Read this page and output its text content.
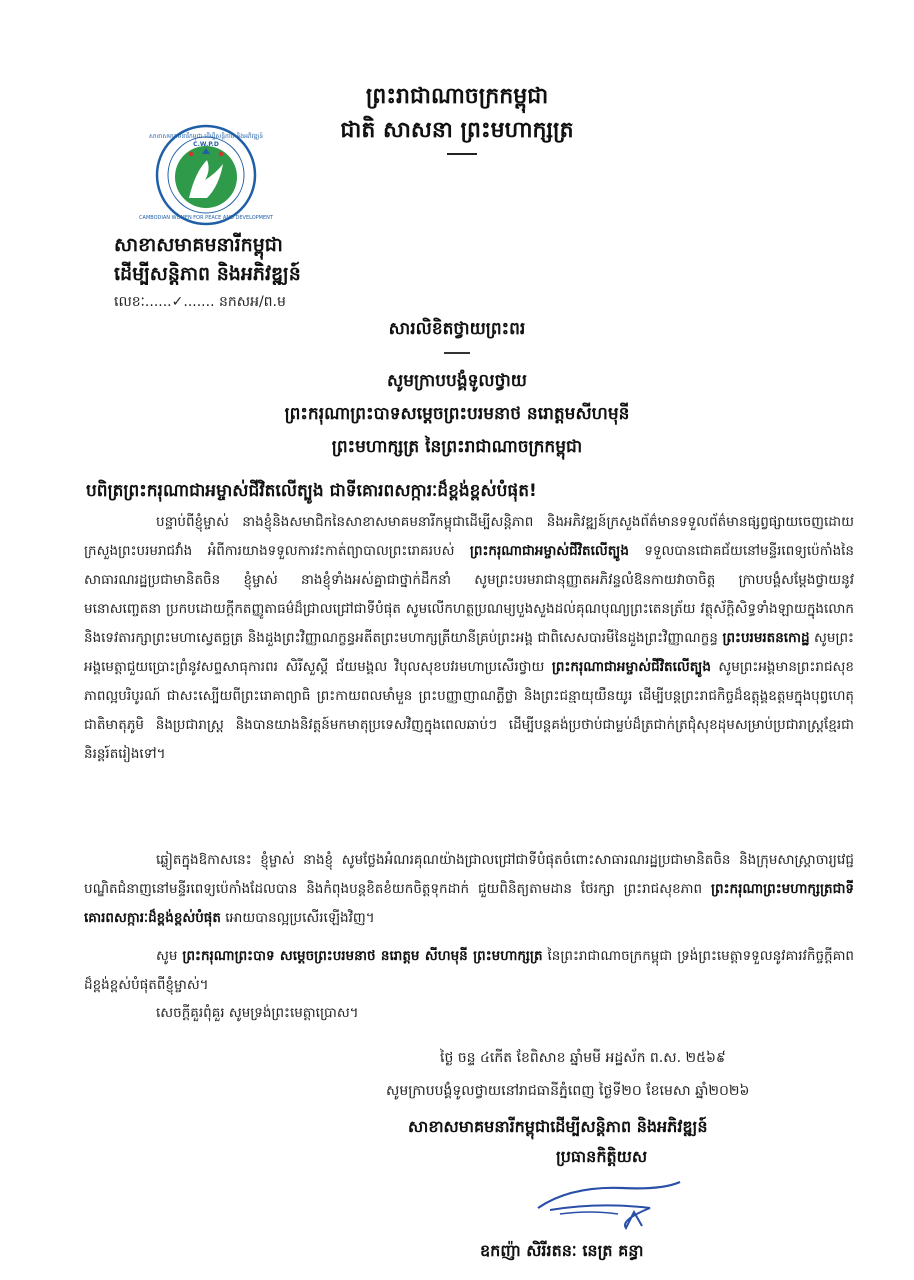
ព្រះរាជាណាចក្រកម្ពុជា
ជាតិ សាសនា ព្រះមហាក្សត្រ
សាខាសមាគមនារីកម្ពុជា ដើម្បីសន្តិភាព និងអភិវឌ្ឍន៍
CAMBODIAN WOMEN FOR PEACE AND DEVELOPMENT
C.W.P.D
សាខាសមាគមនារីកម្ពុជា
ដើម្បីសន្តិភាព និងអភិវឌ្ឍន៍
លេខៈ......✓....... នកសអ/ព.ម
សារលិខិតថ្វាយព្រះពរ
សូមក្រាបបង្គំទូលថ្វាយ
ព្រះករុណាព្រះបាទសម្តេចព្រះបរមនាថ នរោត្តមសីហមុនី
ព្រះមហាក្សត្រ នៃព្រះរាជាណាចក្រកម្ពុជា
បពិត្រព្រះករុណាជាអម្ចាស់ជីវិតលើត្បូង ជាទីគោរពសក្ការៈដ៏ខ្ពង់ខ្ពស់បំផុត!
បន្ទាប់ពីខ្ញុំម្ចាស់ នាងខ្ញុំនិងសមាជិកនៃសាខាសមាគមនារីកម្ពុជាដើម្បីសន្តិភាព និងអភិវឌ្ឍន៍ក្រសួងព័ត៌មានទទួលព័ត៌មានផ្សព្វផ្សាយចេញដោយក្រសួងព្រះបរមរាជវាំង អំពីការយាងទទួលការវះកាត់ព្យាបាលព្រះរោគរបស់ ព្រះករុណាជាអម្ចាស់ជីវិតលើត្បូង ទទួលបានជោគជ័យនៅមន្ទីរពេទ្យប៉េកាំងនៃសាធារណរដ្ឋប្រជាមានិតចិន ខ្ញុំម្ចាស់ នាងខ្ញុំទាំងអស់គ្នាជាថ្នាក់ដឹកនាំ សូមព្រះបរមរាជានុញ្ញាតអភិវន្ទលំឱនកាយវាចាចិត្ត ក្រាបបង្គំសម្តែងថ្វាយនូវមនោសញ្ចេតនា ប្រកបដោយក្តីកតញ្ញូតាធម៌ដ៏ជ្រាលជ្រៅជាទីបំផុត សូមលើកហត្ថប្រណម្យបួងសួងដល់គុណបុណ្យព្រះតេនត្រ័យ វត្ថុស័ក្តិសិទ្ធទាំងឡាយក្នុងលោក និងទេវតារក្សាព្រះមហាស្វេតច្ឆត្រ និងដួងព្រះវិញ្ញាណក្ខន្ធអតីតព្រះមហាក្សត្រីយានីគ្រប់ព្រះអង្គ ជាពិសេសបារមីនៃដួងព្រះវិញ្ញាណក្ខន្ធ ព្រះបរមរតនកោដ្ឋ សូមព្រះអង្គមេត្តាជួយប្រោះព្រំនូវសព្ទសាធុការពរ សិរីសួស្តី ជ័យមង្គល វិបុលសុខបវរមហាប្រសើរថ្វាយ ព្រះករុណាជាអម្ចាស់ជីវិតលើត្បូង សូមព្រះអង្គមានព្រះរាជសុខភាពល្អបរិបូរណ៍ ជាសះស្បើយពីព្រះរោគាព្យាធិ ព្រះកាយពលមាំមួន ព្រះបញ្ញាញាណភ្លឺថ្លា និងព្រះជន្មាយុយឺនយូរ ដើម្បីបន្តព្រះរាជកិច្ចដ៏ឧត្តុង្គឧត្តមក្នុងបុព្វហេតុជាតិមាតុភូមិ និងប្រជារាស្ត្រ និងបានយាងនិវត្តន៍មកមាតុប្រទេសវិញក្នុងពេលឆាប់ៗ ដើម្បីបន្តគង់ប្រថាប់ជាម្លប់ដ៏ត្រជាក់ត្រជុំសុខដុមសម្រាប់ប្រជារាស្ត្រខ្មែរជានិរន្តរ៍តរៀងទៅ។
ឆ្លៀតក្នុងឱកាសនេះ ខ្ញុំម្ចាស់ នាងខ្ញុំ សូមថ្លែងអំណរគុណយ៉ាងជ្រាលជ្រៅជាទីបំផុតចំពោះសាធារណរដ្ឋប្រជាមានិតចិន និងក្រុមសាស្រ្តាចារ្យវេជ្ជបណ្ឌិតជំនាញនៅមន្ទីរពេទ្យប៉េកាំងដែលបាន និងកំពុងបន្តខិតខំយកចិត្តទុកដាក់ ជួយពិនិត្យតាមដាន ថែរក្សា ព្រះរាជសុខភាព ព្រះករុណាព្រះមហាក្សត្រជាទីគោរពសក្ការៈដ៏ខ្ពង់ខ្ពស់បំផុត អោយបានល្អប្រសើរឡើងវិញ។
សូម ព្រះករុណាព្រះបាទ សម្តេចព្រះបរមនាថ នរោត្តម សីហមុនី ព្រះមហាក្សត្រ នៃព្រះរាជាណាចក្រកម្ពុជា ទ្រង់ព្រះមេត្តាទទួលនូវគារវកិច្ចក្តីគាពដ៏ខ្ពង់ខ្ពស់បំផុតពីខ្ញុំម្ចាស់។
សេចក្តីគួរពុំគួរ សូមទ្រង់ព្រះមេត្តាប្រោស។
ថ្ងៃ ចន្ទ ៤កើត ខែពិសាខ ឆ្នាំមមី អដ្ឋស័ក ព.ស. ២៥៦៩
សូមក្រាបបង្គំទូលថ្វាយនៅរាជធានីភ្នំពេញ ថ្ងៃទី២០ ខែមេសា ឆ្នាំ២០២៦
សាខាសមាគមនារីកម្ពុជាដើម្បីសន្តិភាព និងអភិវឌ្ឍន៍
ប្រធានកិត្តិយស
ឧកញ៉ា សិរីរតនៈ នេត្រ គន្ធា
